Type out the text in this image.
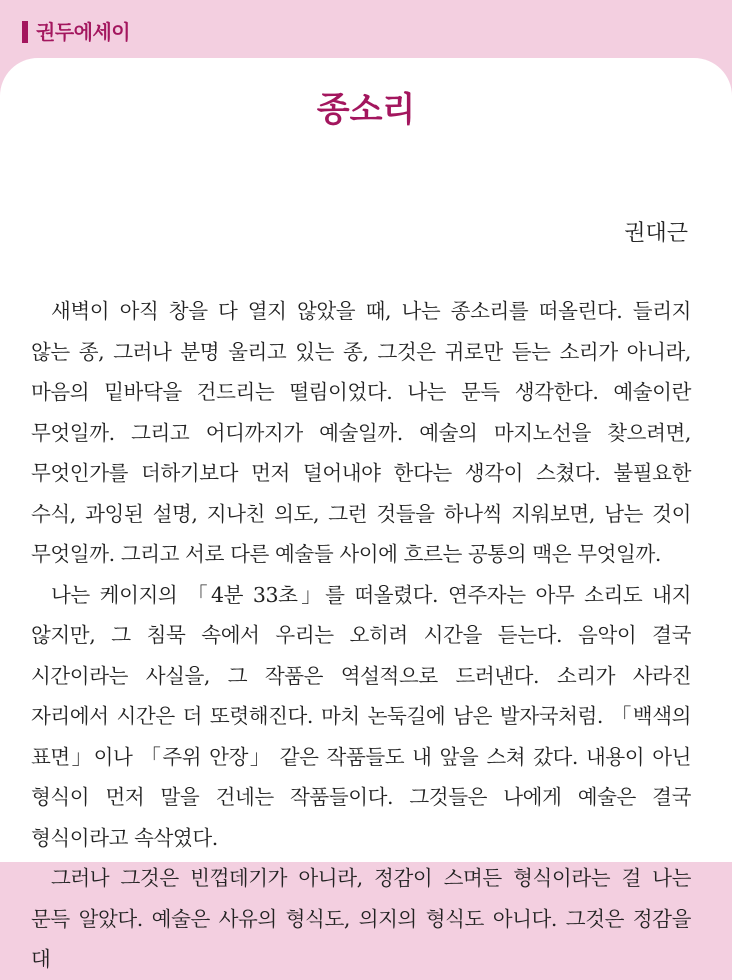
권두에세이
종소리
권대근

새벽이 아직 창을 다 열지 않았을 때, 나는 종소리를 떠올린다. 들리지 않는 종, 그러나 분명 울리고 있는 종, 그것은 귀로만 듣는 소리가 아니라, 마음의 밑바닥을 건드리는 떨림이었다. 나는 문득 생각한다. 예술이란 무엇일까. 그리고 어디까지가 예술일까. 예술의 마지노선을 찾으려면, 무엇인가를 더하기보다 먼저 덜어내야 한다는 생각이 스쳤다. 불필요한 수식, 과잉된 설명, 지나친 의도, 그런 것들을 하나씩 지워보면, 남는 것이 무엇일까. 그리고 서로 다른 예술들 사이에 흐르는 공통의 맥은 무엇일까.

나는 케이지의 「4분 33초」를 떠올렸다. 연주자는 아무 소리도 내지 않지만, 그 침묵 속에서 우리는 오히려 시간을 듣는다. 음악이 결국 시간이라는 사실을, 그 작품은 역설적으로 드러낸다. 소리가 사라진 자리에서 시간은 더 또렷해진다. 마치 논둑길에 남은 발자국처럼. 「백색의 표면」이나 「주위 안장」 같은 작품들도 내 앞을 스쳐 갔다. 내용이 아닌 형식이 먼저 말을 건네는 작품들이다. 그것들은 나에게 예술은 결국 형식이라고 속삭였다.

그러나 그것은 빈껍데기가 아니라, 정감이 스며든 형식이라는 걸 나는 문득 알았다. 예술은 사유의 형식도, 의지의 형식도 아니다. 그것은 정감을 대
